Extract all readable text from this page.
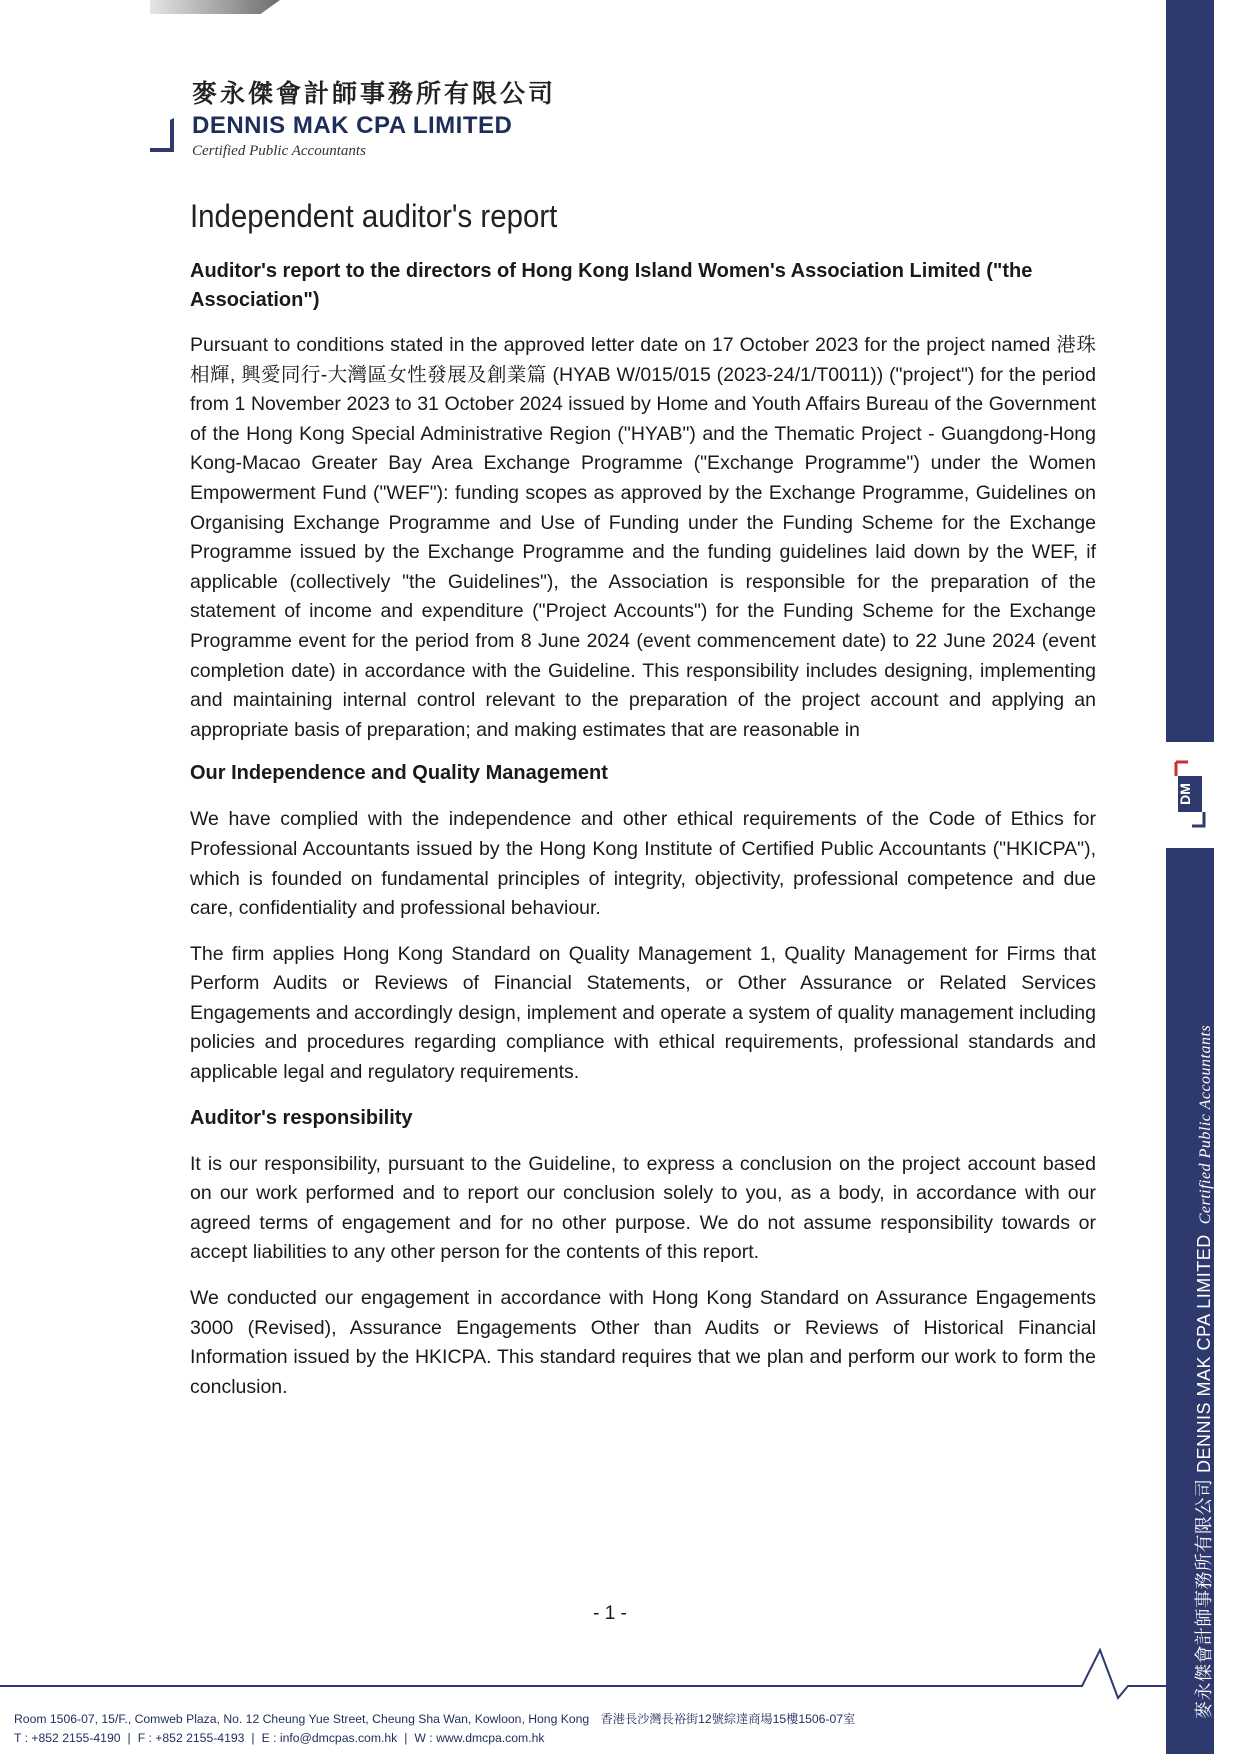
麥永傑會計師事務所有限公司
DENNIS MAK CPA LIMITED
Certified Public Accountants
Independent auditor's report
Auditor's report to the directors of Hong Kong Island Women's Association Limited ("the Association")

Pursuant to conditions stated in the approved letter date on 17 October 2023 for the project named 港珠相輝, 興愛同行-大灣區女性發展及創業篇 (HYAB W/015/015 (2023-24/1/T0011)) ("project") for the period from 1 November 2023 to 31 October 2024 issued by Home and Youth Affairs Bureau of the Government of the Hong Kong Special Administrative Region ("HYAB") and the Thematic Project - Guangdong-Hong Kong-Macao Greater Bay Area Exchange Programme ("Exchange Programme") under the Women Empowerment Fund ("WEF"): funding scopes as approved by the Exchange Programme, Guidelines on Organising Exchange Programme and Use of Funding under the Funding Scheme for the Exchange Programme issued by the Exchange Programme and the funding guidelines laid down by the WEF, if applicable (collectively "the Guidelines"), the Association is responsible for the preparation of the statement of income and expenditure ("Project Accounts") for the Funding Scheme for the Exchange Programme event for the period from 8 June 2024 (event commencement date) to 22 June 2024 (event completion date) in accordance with the Guideline. This responsibility includes designing, implementing and maintaining internal control relevant to the preparation of the project account and applying an appropriate basis of preparation; and making estimates that are reasonable in

Our Independence and Quality Management

We have complied with the independence and other ethical requirements of the Code of Ethics for Professional Accountants issued by the Hong Kong Institute of Certified Public Accountants ("HKICPA"), which is founded on fundamental principles of integrity, objectivity, professional competence and due care, confidentiality and professional behaviour.

The firm applies Hong Kong Standard on Quality Management 1, Quality Management for Firms that Perform Audits or Reviews of Financial Statements, or Other Assurance or Related Services Engagements and accordingly design, implement and operate a system of quality management including policies and procedures regarding compliance with ethical requirements, professional standards and applicable legal and regulatory requirements.

Auditor's responsibility

It is our responsibility, pursuant to the Guideline, to express a conclusion on the project account based on our work performed and to report our conclusion solely to you, as a body, in accordance with our agreed terms of engagement and for no other purpose. We do not assume responsibility towards or accept liabilities to any other person for the contents of this report.

We conducted our engagement in accordance with Hong Kong Standard on Assurance Engagements 3000 (Revised), Assurance Engagements Other than Audits or Reviews of Historical Financial Information issued by the HKICPA. This standard requires that we plan and perform our work to form the conclusion.

- 1 -
DM
麥永傑會計師事務所有限公司 DENNIS MAK CPA LIMITEDCertified Public Accountants
Room 1506-07, 15/F., Comweb Plaza, No. 12 Cheung Yue Street, Cheung Sha Wan, Kowloon, Hong Kong 香港長沙灣長裕街12號綜達商場15樓1506-07室
T : +852 2155-4190 | F : +852 2155-4193 | E : info@dmcpas.com.hk | W : www.dmcpa.com.hk
